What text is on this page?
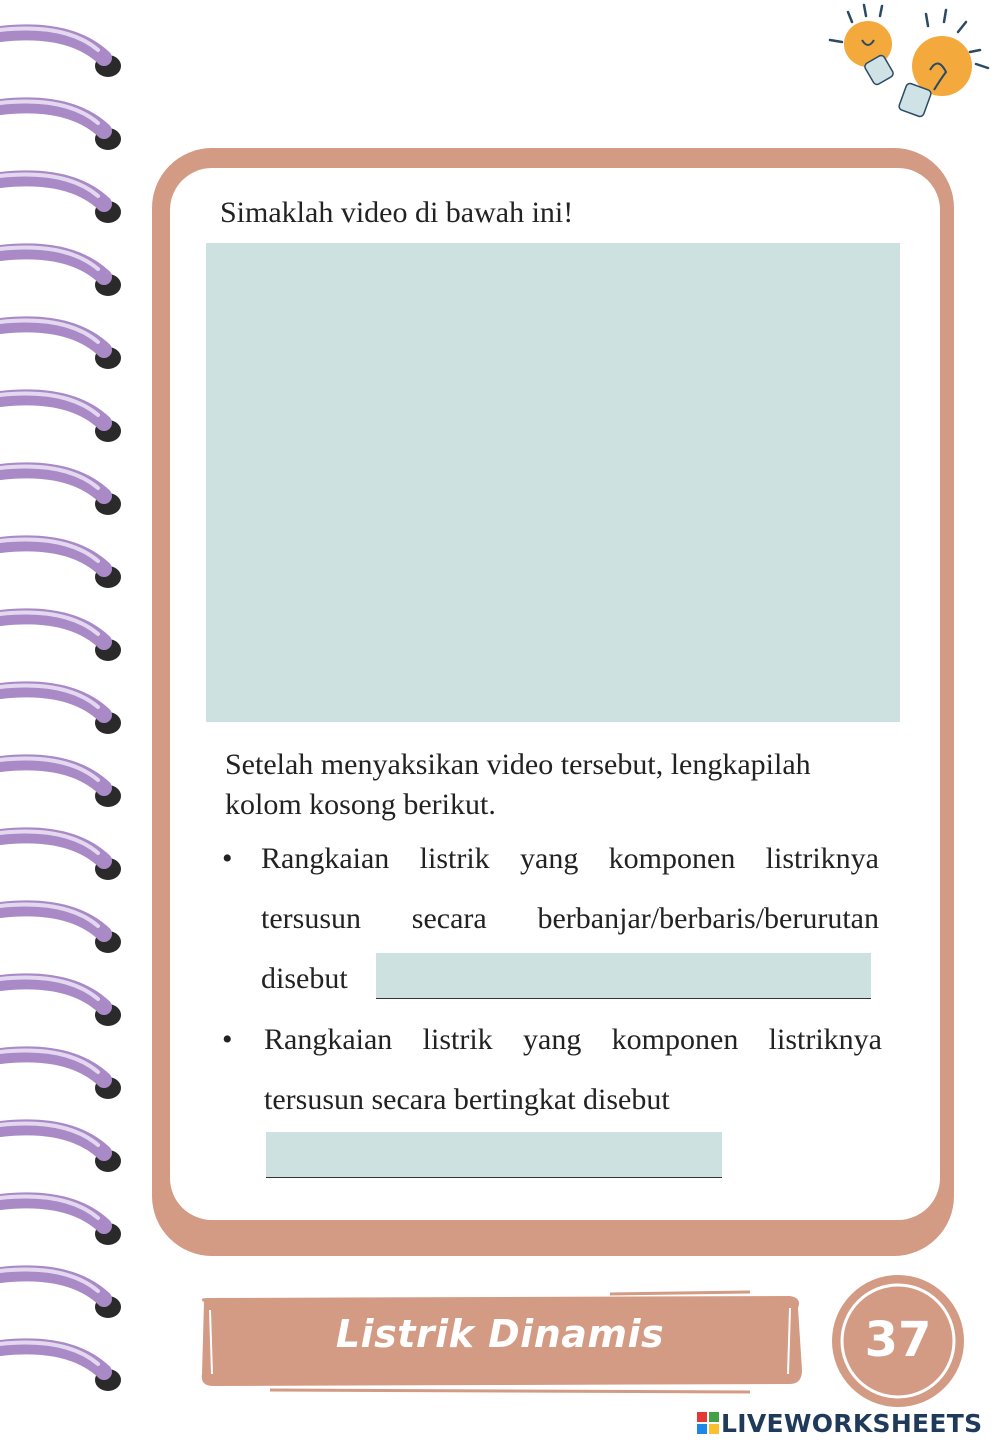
Simaklah video di bawah ini!
Setelah menyaksikan video tersebut, lengkapilah kolom kosong berikut.
• Rangkaian listrik yang komponen listriknya
tersusun secara berbanjar/berbaris/berurutan
disebut
• Rangkaian listrik yang komponen listriknya
tersusun secara bertingkat disebut
Listrik Dinamis	37
LIVEWORKSHEETS
